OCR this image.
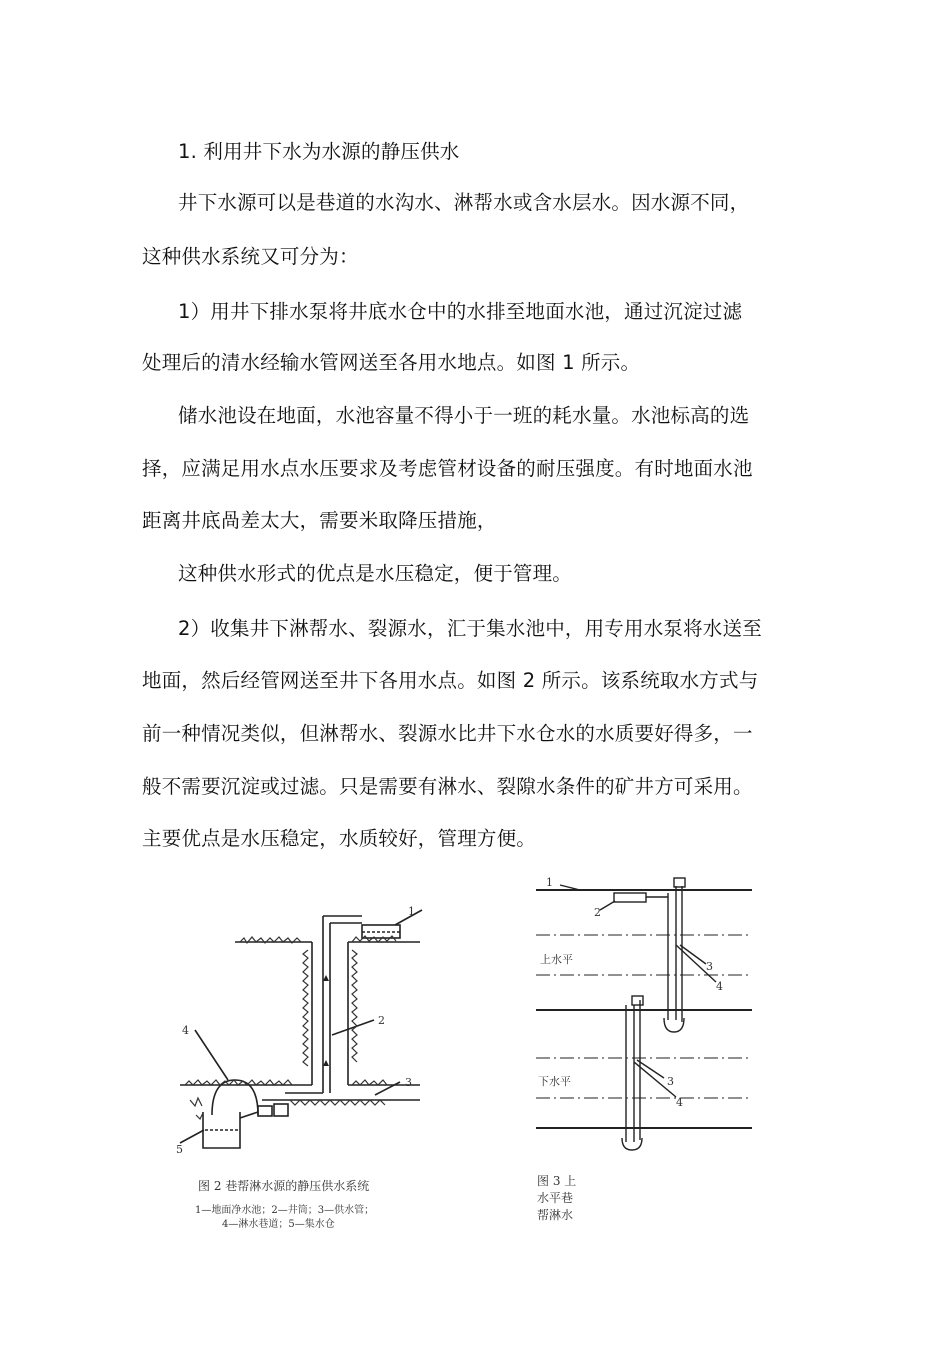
1. 利用井下水为水源的静压供水
井下水源可以是巷道的水沟水、淋帮水或含水层水。因水源不同，
这种供水系统又可分为：
1）用井下排水泵将井底水仓中的水排至地面水池，通过沉淀过滤
处理后的清水经输水管网送至各用水地点。如图 1 所示。
储水池设在地面，水池容量不得小于一班的耗水量。水池标高的选
择，应满足用水点水压要求及考虑管材设备的耐压强度。有时地面水池
距离井底咼差太大，需要米取降压措施，
这种供水形式的优点是水压稳定，便于管理。
2）收集井下淋帮水、裂源水，汇于集水池中，用专用水泵将水送至
地面，然后经管网送至井下各用水点。如图 2 所示。该系统取水方式与
前一种情况类似，但淋帮水、裂源水比井下水仓水的水质要好得多，一
般不需要沉淀或过滤。只是需要有淋水、裂隙水条件的矿井方可采用。
主要优点是水压稳定，水质较好，管理方便。
1
2
3
4
5
图 2 巷帮淋水源的静压供水系统
1—地面净水池；2—井筒；3—供水管；
4—淋水巷道；5—集水仓
1
2
3
4
3
4
上水平
下水平
图 3 上
水平巷
帮淋水
